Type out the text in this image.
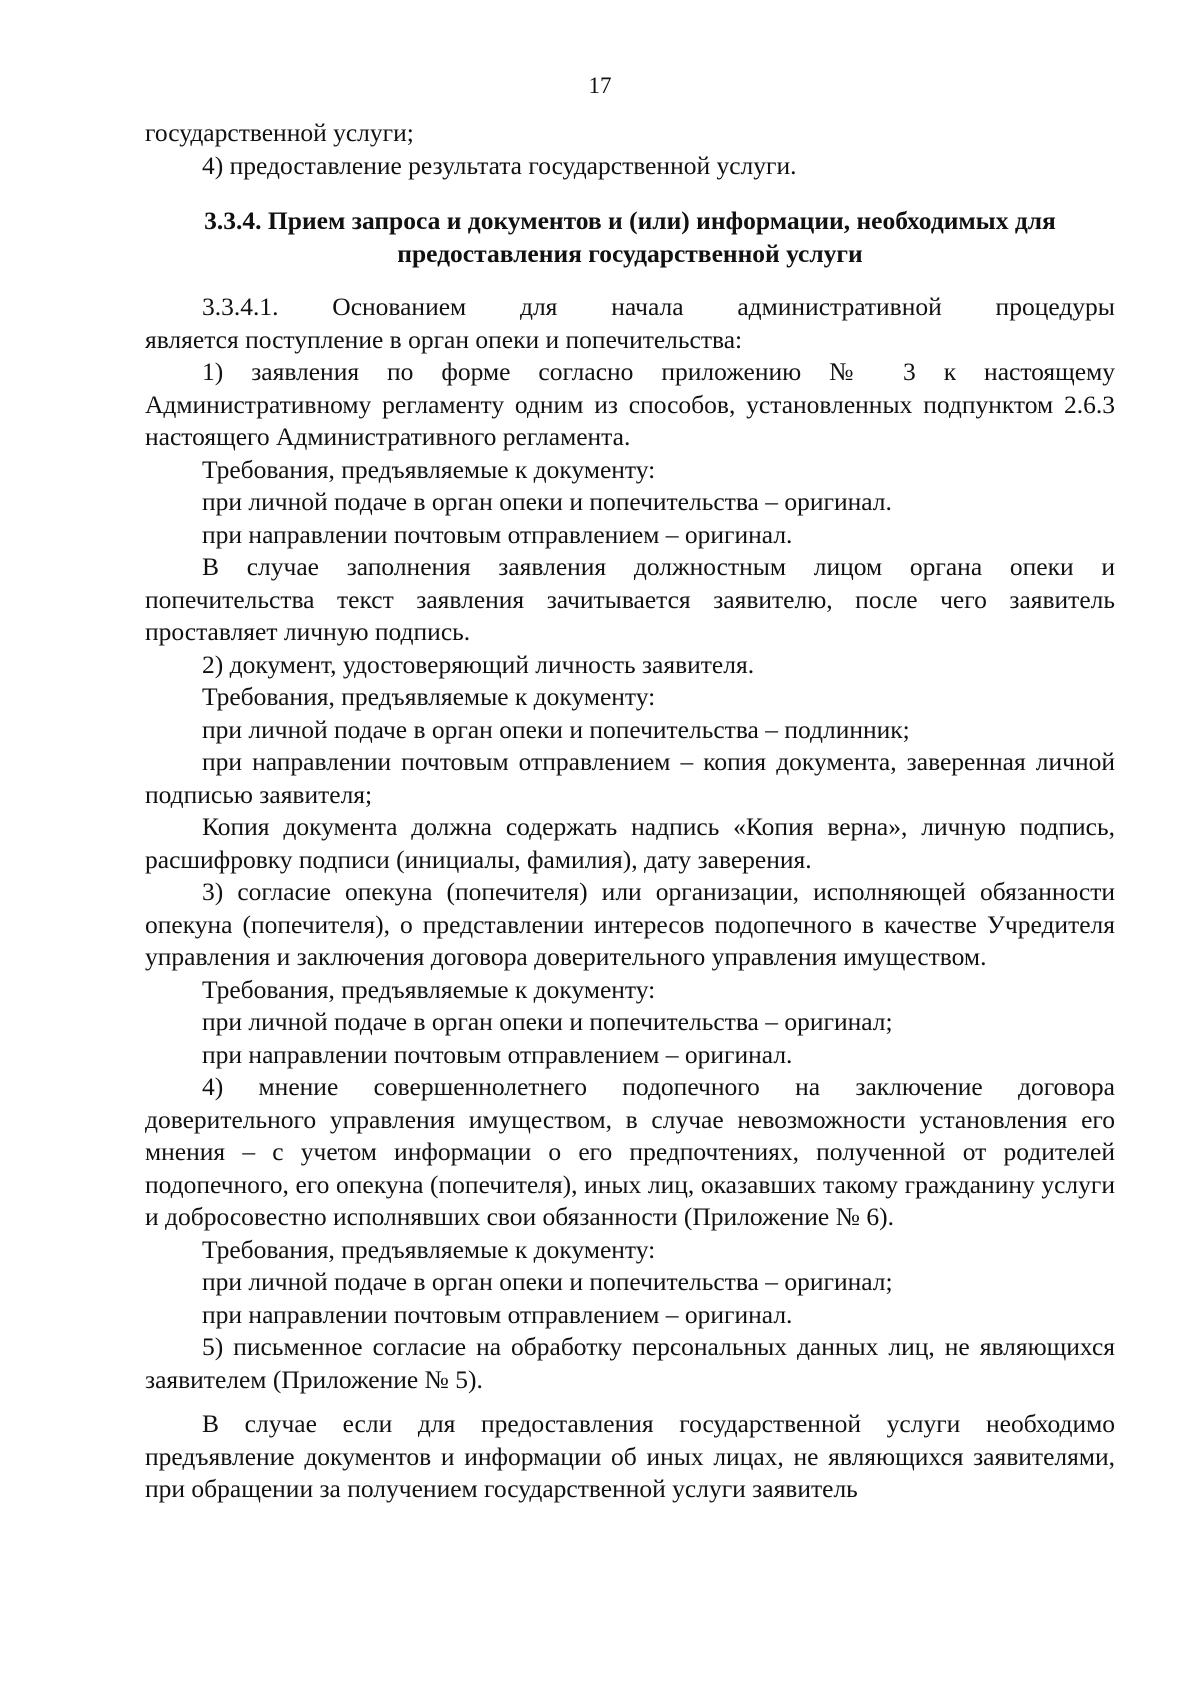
17

государственной услуги;

4) предоставление результата государственной услуги.

3.3.4. Прием запроса и документов и (или) информации, необходимых для
предоставления государственной услуги
3.3.4.1. Основанием для начала административной процедуры

является поступление в орган опеки и попечительства:

1) заявления по форме согласно приложению № 3 к настоящему Административному регламенту одним из способов, установленных подпунктом 2.6.3 настоящего Административного регламента.

Требования, предъявляемые к документу:

при личной подаче в орган опеки и попечительства – оригинал.

при направлении почтовым отправлением – оригинал.

В случае заполнения заявления должностным лицом органа опеки и попечительства текст заявления зачитывается заявителю, после чего заявитель проставляет личную подпись.

2) документ, удостоверяющий личность заявителя.

Требования, предъявляемые к документу:

при личной подаче в орган опеки и попечительства – подлинник;

при направлении почтовым отправлением – копия документа, заверенная личной подписью заявителя;

Копия документа должна содержать надпись «Копия верна», личную подпись, расшифровку подписи (инициалы, фамилия), дату заверения.

3) согласие опекуна (попечителя) или организации, исполняющей обязанности опекуна (попечителя), о представлении интересов подопечного в качестве Учредителя управления и заключения договора доверительного управления имуществом.

Требования, предъявляемые к документу:

при личной подаче в орган опеки и попечительства – оригинал;

при направлении почтовым отправлением – оригинал.

4) мнение совершеннолетнего подопечного на заключение договора доверительного управления имуществом, в случае невозможности установления его мнения – с учетом информации о его предпочтениях, полученной от родителей подопечного, его опекуна (попечителя), иных лиц, оказавших такому гражданину услуги и добросовестно исполнявших свои обязанности (Приложение № 6).

Требования, предъявляемые к документу:

при личной подаче в орган опеки и попечительства – оригинал;

при направлении почтовым отправлением – оригинал.

5) письменное согласие на обработку персональных данных лиц, не являющихся заявителем (Приложение № 5).

В случае если для предоставления государственной услуги необходимо предъявление документов и информации об иных лицах, не являющихся заявителями, при обращении за получением государственной услуги заявитель
